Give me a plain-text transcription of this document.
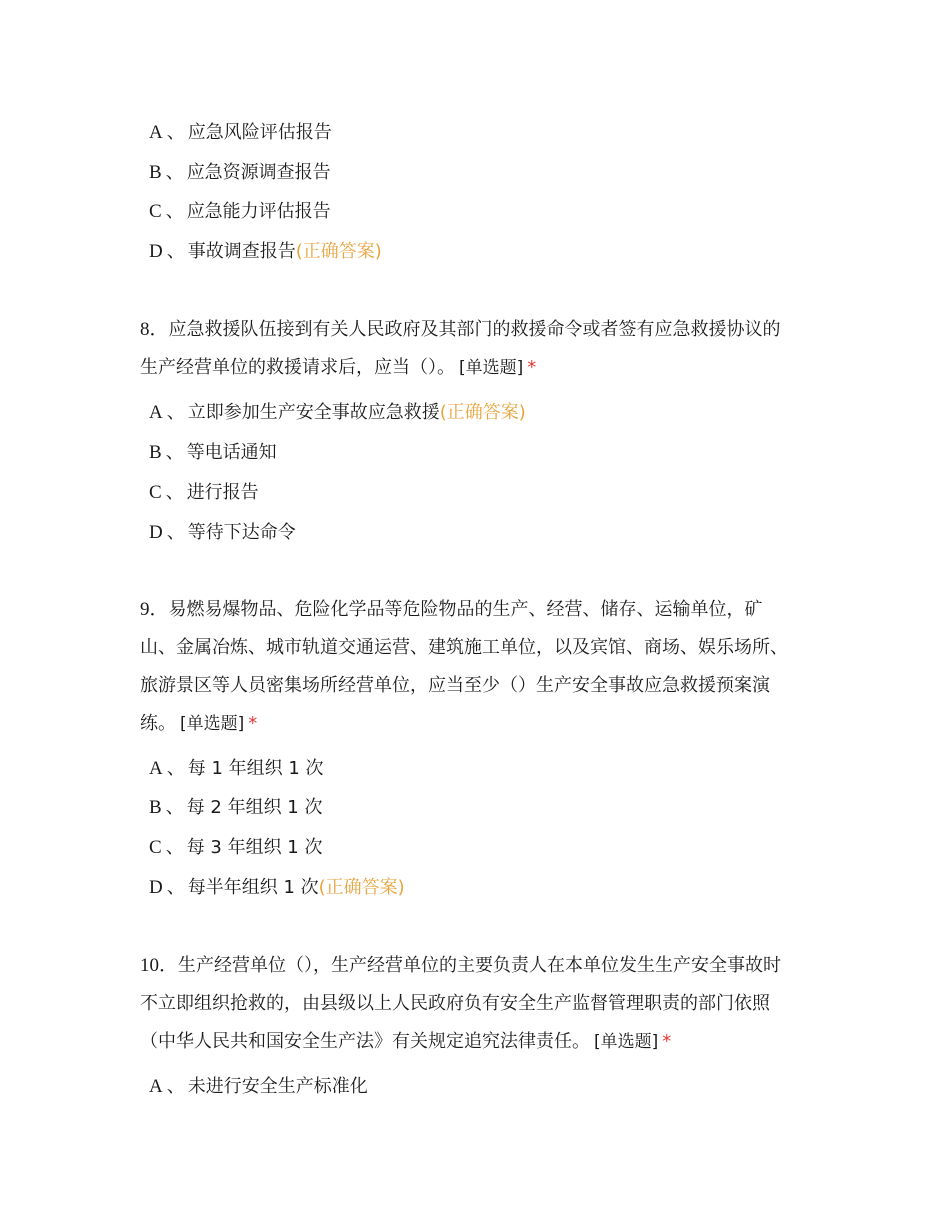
A 、 应急风险评估报告
B 、 应急资源调查报告
C 、 应急能力评估报告
D 、 事故调查报告(正确答案)
8．应急救援队伍接到有关人民政府及其部门的救援命令或者签有应急救援协议的
生产经营单位的救援请求后，应当（）。 [单选题] *
A 、 立即参加生产安全事故应急救援(正确答案)
B 、 等电话通知
C 、 进行报告
D 、 等待下达命令
9．易燃易爆物品、危险化学品等危险物品的生产、经营、储存、运输单位，矿
山、金属冶炼、城市轨道交通运营、建筑施工单位，以及宾馆、商场、娱乐场所、
旅游景区等人员密集场所经营单位，应当至少（）生产安全事故应急救援预案演
练。 [单选题] *
A 、 每 1 年组织 1 次
B 、 每 2 年组织 1 次
C 、 每 3 年组织 1 次
D 、 每半年组织 1 次(正确答案)
10．生产经营单位（），生产经营单位的主要负责人在本单位发生生产安全事故时
不立即组织抢救的，由县级以上人民政府负有安全生产监督管理职责的部门依照
（中华人民共和国安全生产法》有关规定追究法律责任。 [单选题] *
A 、 未进行安全生产标准化
